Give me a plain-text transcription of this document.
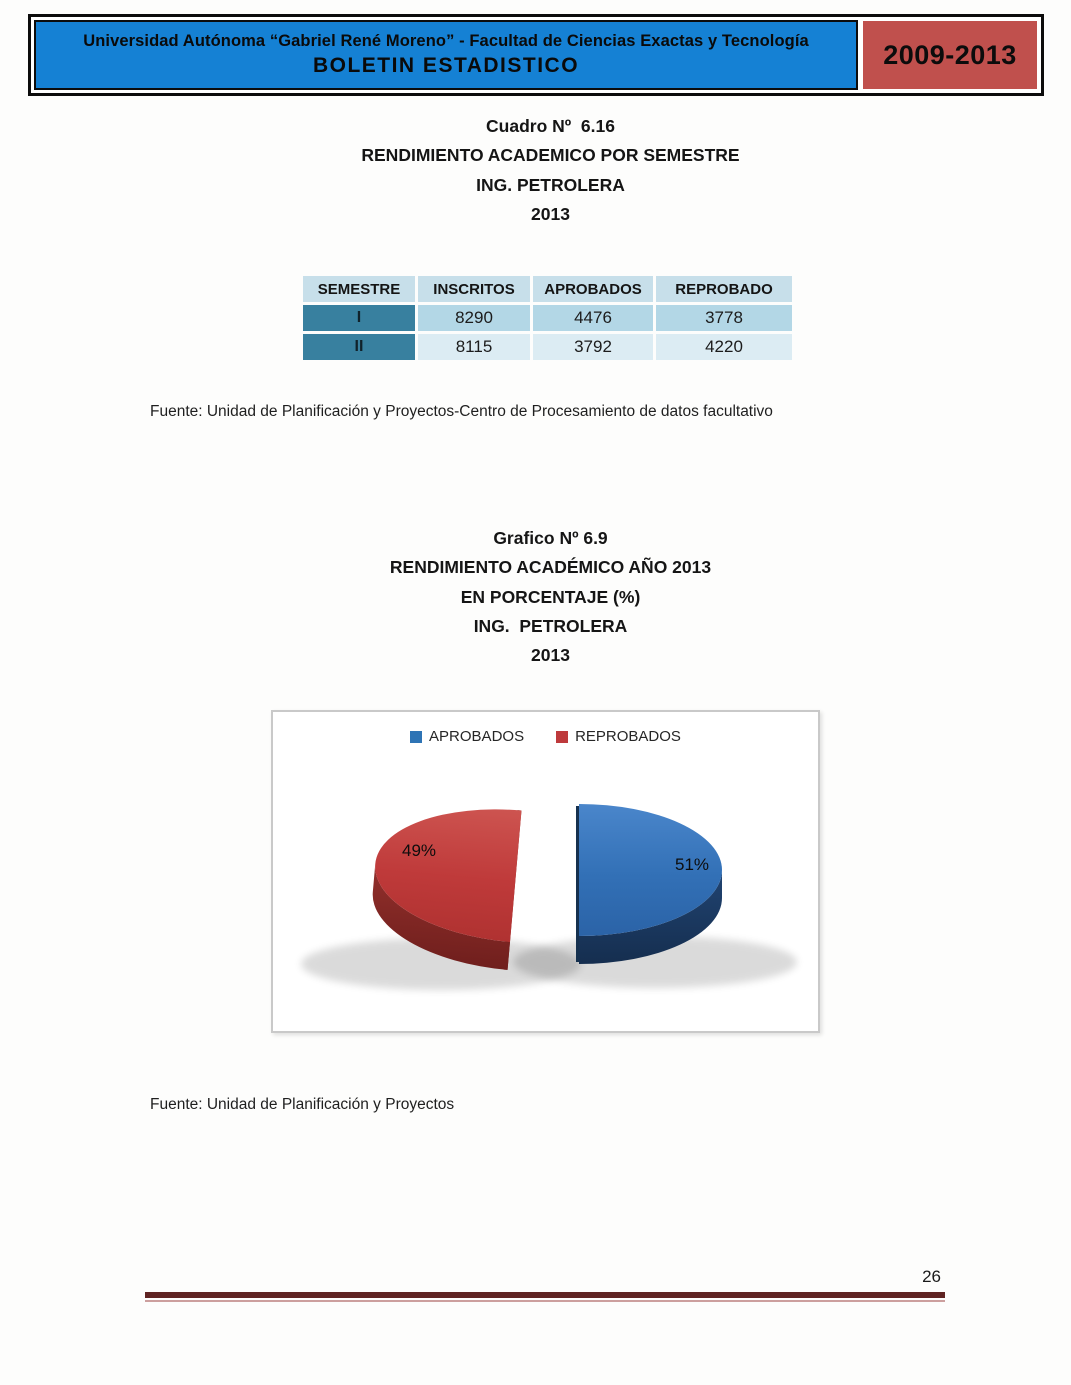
Universidad Autónoma “Gabriel René Moreno” - Facultad de Ciencias Exactas y Tecnología
BOLETIN ESTADISTICO	2009-2013
Cuadro Nº  6.16
RENDIMIENTO ACADEMICO POR SEMESTRE
ING. PETROLERA
2013
SEMESTRE	INSCRITOS	APROBADOS	REPROBADO
I	8290	4476	3778
II	8115	3792	4220
Fuente: Unidad de Planificación y Proyectos-Centro de Procesamiento de datos facultativo
Grafico Nº 6.9
RENDIMIENTO ACADÉMICO AÑO 2013
EN PORCENTAJE (%)
ING.  PETROLERA
2013
49%
51%
APROBADOS	REPROBADOS
Fuente: Unidad de Planificación y Proyectos
26
